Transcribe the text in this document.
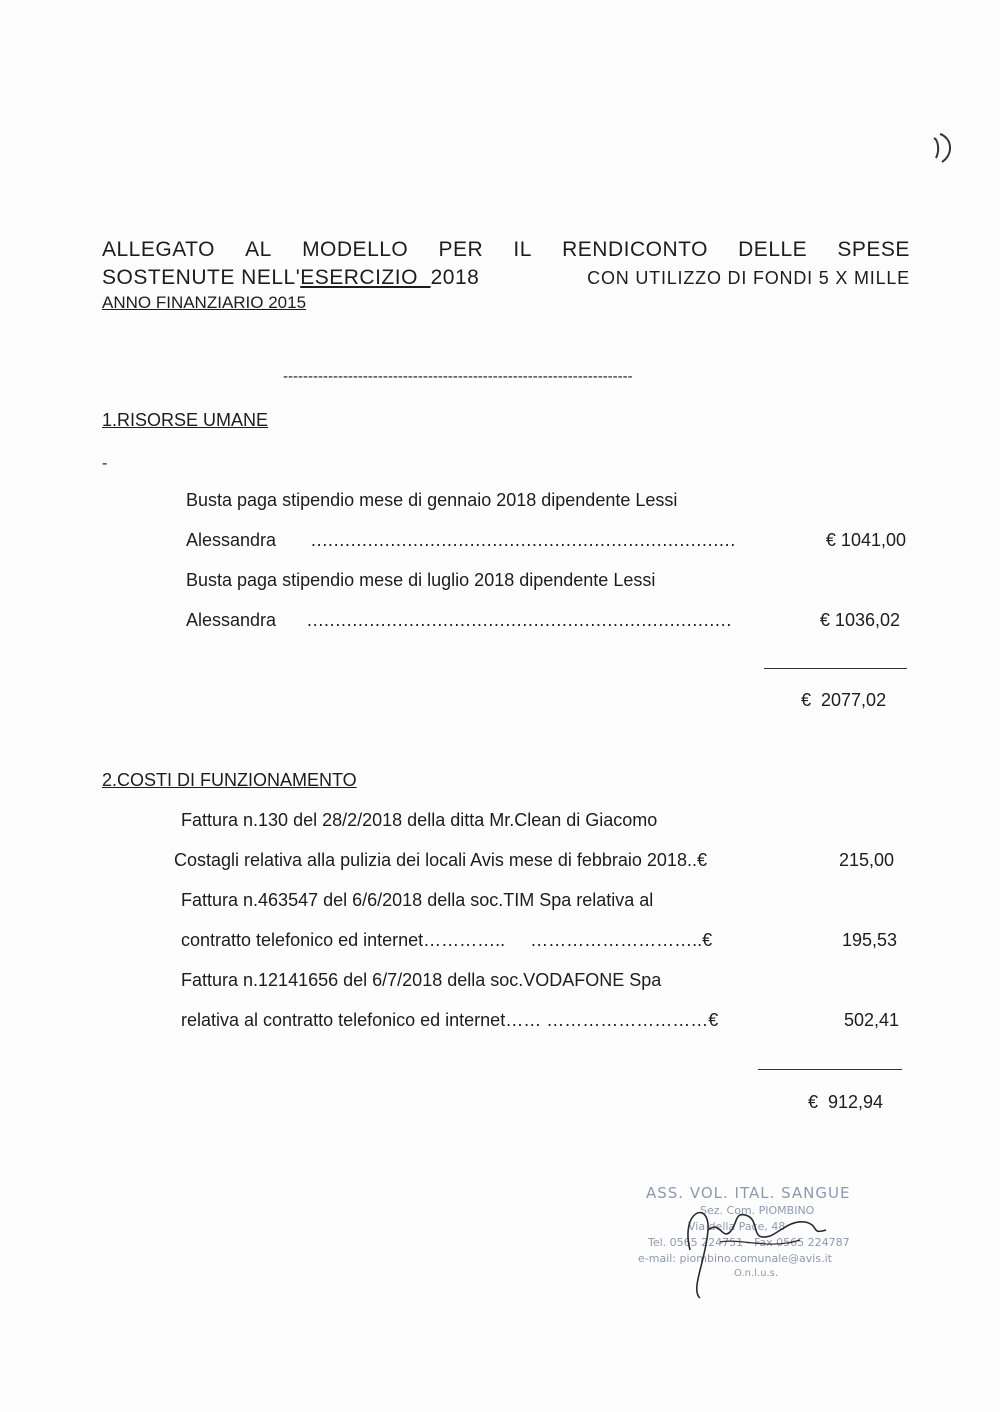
ALLEGATO AL MODELLO PER IL RENDICONTO DELLE SPESE
SOSTENUTE NELL' ESERCIZIO 2018	CON UTILIZZO DI FONDI 5 X MILLE
ANNO FINANZIARIO 2015
----------------------------------------------------------------------
1.RISORSE UMANE
-
Busta paga stipendio mese di gennaio 2018 dipendente Lessi
Alessandra …………………………………………………………………	€ 1041,00
Busta paga stipendio mese di luglio 2018 dipendente Lessi
Alessandra …………………………………………………………………	€ 1036,02
€  2077,02
2.COSTI DI FUNZIONAMENTO
Fattura n.130 del 28/2/2018 della ditta Mr.Clean di Giacomo
Costagli relativa alla pulizia dei locali Avis mese di febbraio 2018..€	215,00
Fattura n.463547 del 6/6/2018 della soc.TIM Spa relativa al
contratto telefonico ed internet…………..     ………………………..€	195,53
Fattura n.12141656 del 6/7/2018 della soc.VODAFONE Spa
relativa al contratto telefonico ed internet…… ………………………€	502,41
€  912,94
ASS. VOL. ITAL. SANGUE
Sez. Com. PIOMBINO
Via della Pace, 48
Tel. 0565 224751 - Fax 0565 224787
e-mail: piombino.comunale@avis.it
O.n.l.u.s.
